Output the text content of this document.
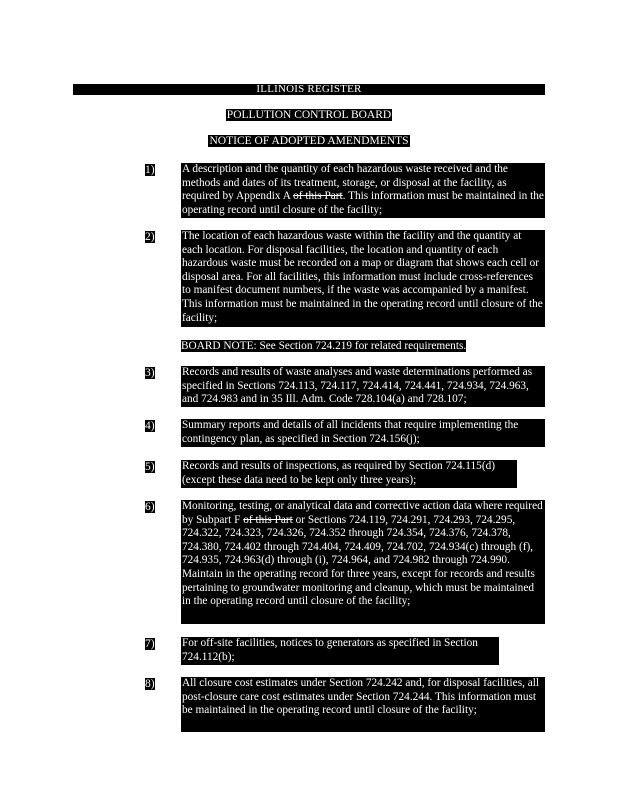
ILLINOIS REGISTER
POLLUTION CONTROL BOARD
NOTICE OF ADOPTED AMENDMENTS
1)	A description and the quantity of each hazardous waste received and the methods and dates of its treatment, storage, or disposal at the facility, as required by Appendix A of this Part. This information must be maintained in the operating record until closure of the facility;
2)	The location of each hazardous waste within the facility and the quantity at each location. For disposal facilities, the location and quantity of each hazardous waste must be recorded on a map or diagram that shows each cell or disposal area. For all facilities, this information must include cross-references to manifest document numbers, if the waste was accompanied by a manifest. This information must be maintained in the operating record until closure of the facility;
BOARD NOTE: See Section 724.219 for related requirements.
3)	Records and results of waste analyses and waste determinations performed as specified in Sections 724.113, 724.117, 724.414, 724.441, 724.934, 724.963, and 724.983 and in 35 Ill. Adm. Code 728.104(a) and 728.107;
4)	Summary reports and details of all incidents that require implementing the contingency plan, as specified in Section 724.156(j);
5)	Records and results of inspections, as required by Section 724.115(d) (except these data need to be kept only three years);
6)	Monitoring, testing, or analytical data and corrective action data where required by Subpart F of this Part or Sections 724.119, 724.291, 724.293, 724.295, 724.322, 724.323, 724.326, 724.352 through 724.354, 724.376, 724.378, 724.380, 724.402 through 724.404, 724.409, 724.702, 724.934(c) through (f), 724.935, 724.963(d) through (i), 724.964, and 724.982 through 724.990. Maintain in the operating record for three years, except for records and results pertaining to groundwater monitoring and cleanup, which must be maintained in the operating record until closure of the facility;
7)	For off-site facilities, notices to generators as specified in Section 724.112(b);
8)	All closure cost estimates under Section 724.242 and, for disposal facilities, all post-closure care cost estimates under Section 724.244. This information must be maintained in the operating record until closure of the facility;
